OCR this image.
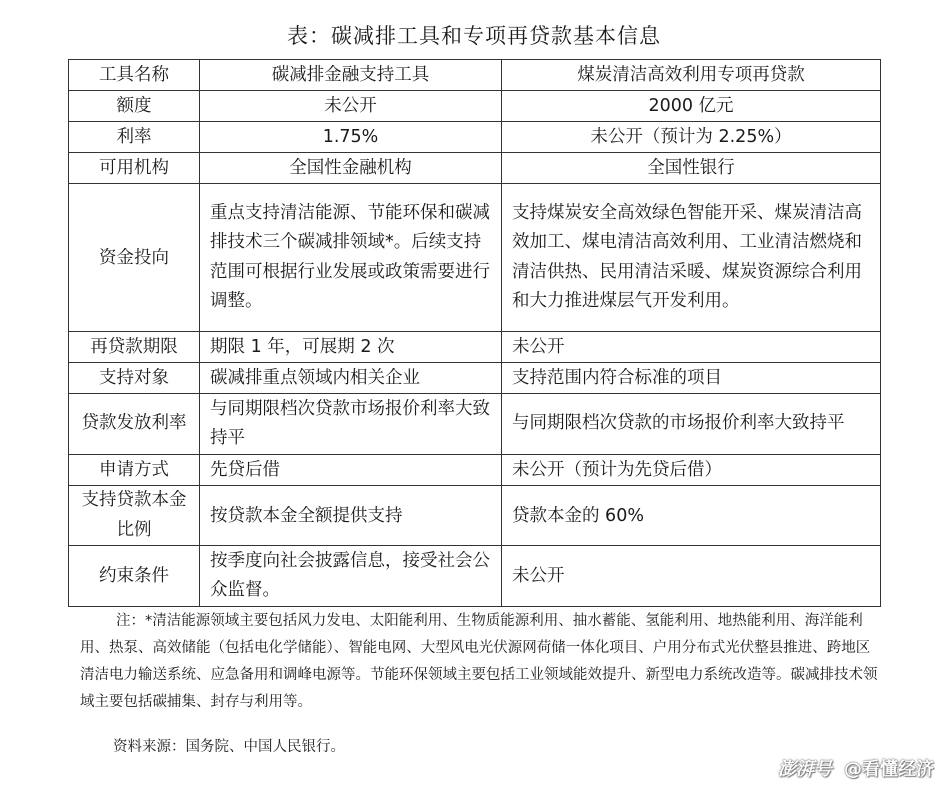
表：碳减排工具和专项再贷款基本信息
工具名称	碳减排金融支持工具	煤炭清洁高效利用专项再贷款
额度	未公开	2000 亿元
利率	1.75%	未公开（预计为 2.25%）
可用机构	全国性金融机构	全国性银行
资金投向	重点支持清洁能源、节能环保和碳减排技术三个碳减排领域*。后续支持范围可根据行业发展或政策需要进行调整。	支持煤炭安全高效绿色智能开采、煤炭清洁高效加工、煤电清洁高效利用、工业清洁燃烧和清洁供热、民用清洁采暖、煤炭资源综合利用和大力推进煤层气开发利用。
再贷款期限	期限 1 年，可展期 2 次	未公开
支持对象	碳减排重点领域内相关企业	支持范围内符合标准的项目
贷款发放利率	与同期限档次贷款市场报价利率大致持平	与同期限档次贷款的市场报价利率大致持平
申请方式	先贷后借	未公开（预计为先贷后借）
支持贷款本金比例	按贷款本金全额提供支持	贷款本金的 60%
约束条件	按季度向社会披露信息，接受社会公众监督。	未公开

注：*清洁能源领域主要包括风力发电、太阳能利用、生物质能源利用、抽水蓄能、氢能利用、地热能利用、海洋能利用、热泵、高效储能（包括电化学储能）、智能电网、大型风电光伏源网荷储一体化项目、户用分布式光伏整县推进、跨地区清洁电力输送系统、应急备用和调峰电源等。节能环保领域主要包括工业领域能效提升、新型电力系统改造等。碳减排技术领域主要包括碳捕集、封存与利用等。

资料来源：国务院、中国人民银行。

澎湃号 @看懂经济
